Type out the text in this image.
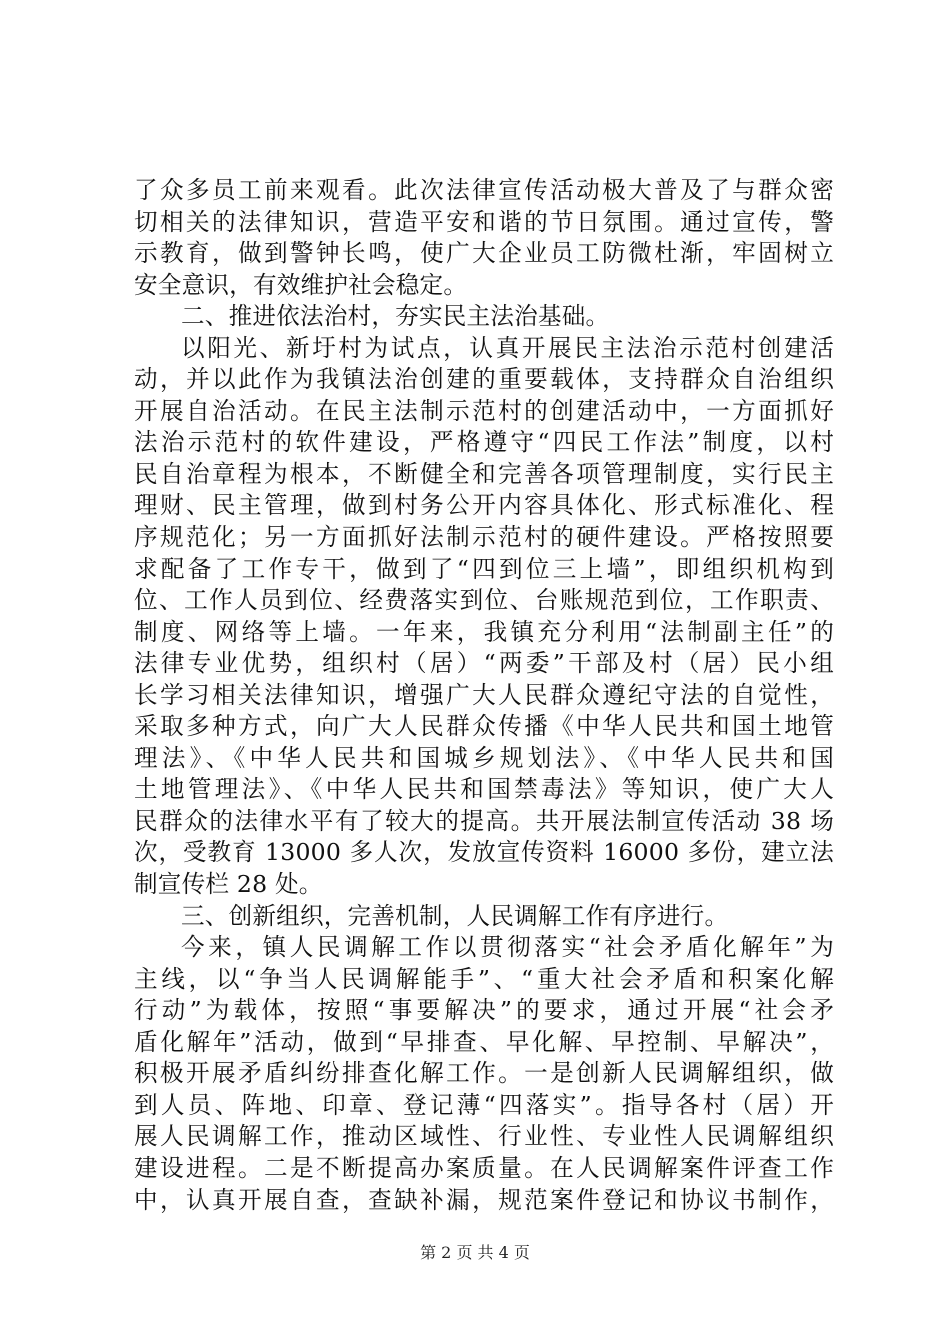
了众多员工前来观看。此次法律宣传活动极大普及了与群众密
切相关的法律知识，营造平安和谐的节日氛围。通过宣传，警
示教育，做到警钟长鸣，使广大企业员工防微杜渐，牢固树立
安全意识，有效维护社会稳定。
二、推进依法治村，夯实民主法治基础。
以阳光、新圩村为试点，认真开展民主法治示范村创建活
动，并以此作为我镇法治创建的重要载体，支持群众自治组织
开展自治活动。在民主法制示范村的创建活动中，一方面抓好
法治示范村的软件建设，严格遵守“四民工作法”制度，以村
民自治章程为根本，不断健全和完善各项管理制度，实行民主
理财、民主管理，做到村务公开内容具体化、形式标准化、程
序规范化；另一方面抓好法制示范村的硬件建设。严格按照要
求配备了工作专干，做到了“四到位三上墙”，即组织机构到
位、工作人员到位、经费落实到位、台账规范到位，工作职责、
制度、网络等上墙。一年来，我镇充分利用“法制副主任”的
法律专业优势，组织村（居）“两委”干部及村（居）民小组
长学习相关法律知识，增强广大人民群众遵纪守法的自觉性，
采取多种方式，向广大人民群众传播《中华人民共和国土地管
理法》、《中华人民共和国城乡规划法》、《中华人民共和国
土地管理法》、《中华人民共和国禁毒法》等知识，使广大人
民群众的法律水平有了较大的提高。共开展法制宣传活动 38 场
次，受教育 13000 多人次，发放宣传资料 16000 多份，建立法
制宣传栏 28 处。
三、创新组织，完善机制，人民调解工作有序进行。
今来，镇人民调解工作以贯彻落实“社会矛盾化解年”为
主线，以“争当人民调解能手”、“重大社会矛盾和积案化解
行动”为载体，按照“事要解决”的要求，通过开展“社会矛
盾化解年”活动，做到“早排查、早化解、早控制、早解决”，
积极开展矛盾纠纷排查化解工作。一是创新人民调解组织，做
到人员、阵地、印章、登记薄“四落实”。指导各村（居）开
展人民调解工作，推动区域性、行业性、专业性人民调解组织
建设进程。二是不断提高办案质量。在人民调解案件评查工作
中，认真开展自查，查缺补漏，规范案件登记和协议书制作，
第 2 页 共 4 页
